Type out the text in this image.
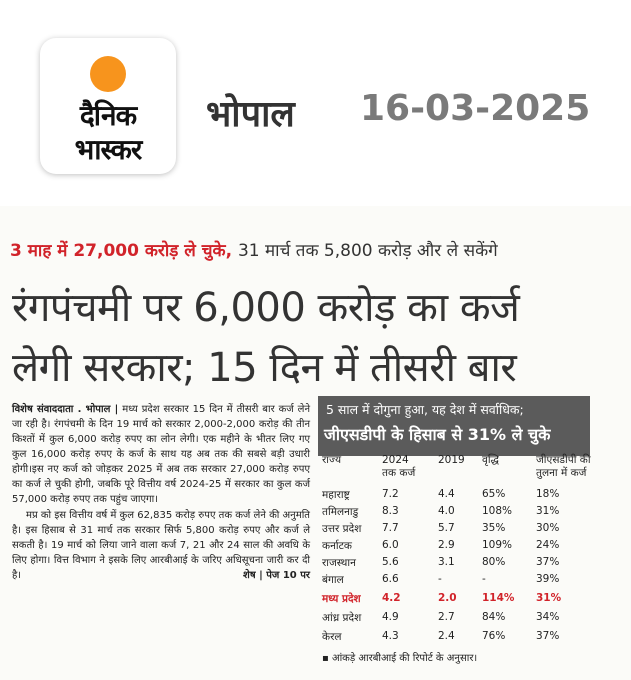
दैनिक
भास्कर
भोपाल 16-03-2025
3 माह में 27,000 करोड़ ले चुके, 31 मार्च तक 5,800 करोड़ और ले सकेंगे
रंगपंचमी पर 6,000 करोड़ का कर्ज
लेगी सरकार; 15 दिन में तीसरी बार

विशेष संवाददाता . भोपाल | मध्य प्रदेश सरकार 15 दिन में तीसरी बार कर्ज लेने जा रही है। रंगपंचमी के दिन 19 मार्च को सरकार 2,000-2,000 करोड़ की तीन किश्तों में कुल 6,000 करोड़ रुपए का लोन लेगी। एक महीने के भीतर लिए गए कुल 16,000 करोड़ रुपए के कर्ज के साथ यह अब तक की सबसे बड़ी उधारी होगी।इस नए कर्ज को जोड़कर 2025 में अब तक सरकार 27,000 करोड़ रुपए का कर्ज ले चुकी होगी, जबकि पूरे वित्तीय वर्ष 2024-25 में सरकार का कुल कर्ज 57,000 करोड़ रुपए तक पहुंच जाएगा।

मप्र को इस वित्तीय वर्ष में कुल 62,835 करोड़ रुपए तक कर्ज लेने की अनुमति है। इस हिसाब से 31 मार्च तक सरकार सिर्फ 5,800 करोड़ रुपए और कर्ज ले सकती है। 19 मार्च को लिया जाने वाला कर्ज 7, 21 और 24 साल की अवधि के लिए होगा। वित्त विभाग ने इसके लिए आरबीआई के जरिए अधिसूचना जारी कर दी है।	शेष | पेज 10 पर

5 साल में दोगुना हुआ, यह देश में सर्वाधिक;
जीएसडीपी के हिसाब से 31% ले चुके
राज्य	2024
तक कर्ज
2019 वृद्धि	जीएसडीपी की
तुलना में कर्ज
महाराष्ट्र	7.2	4.4	65%	18%
तमिलनाडु 8.3	4.0	108% 31%
उत्तर प्रदेश 7.7	5.7	35%	30%
कर्नाटक	6.0	2.9	109% 24%
राजस्थान 5.6	3.1	80%	37%
बंगाल	6.6	-	-	39%
मध्य प्रदेश 4.2	2.0 114% 31%
आंध्र प्रदेश 4.9	2.7	84%	34%
केरल	4.3	2.4	76%	37%
▪ आंकड़े आरबीआई की रिपोर्ट के अनुसार।
